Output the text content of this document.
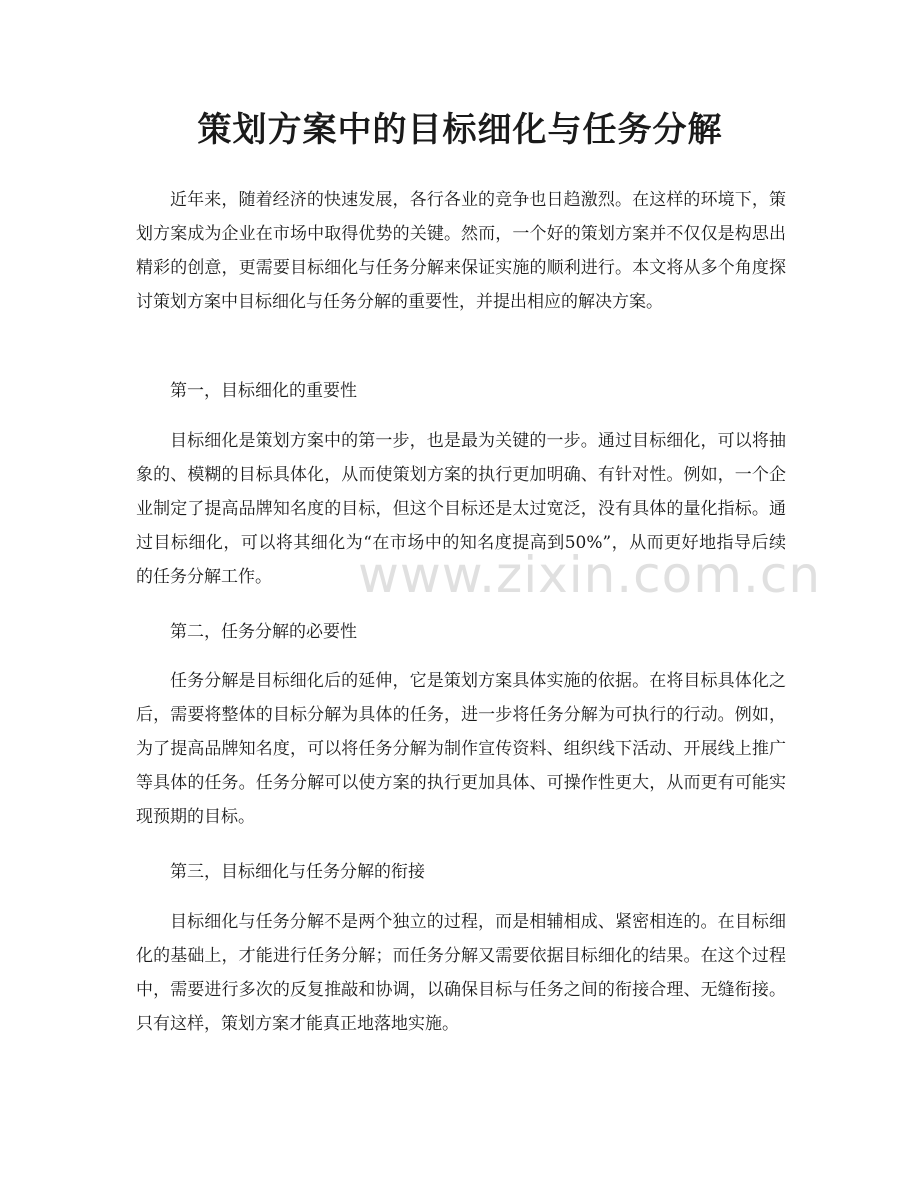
策划方案中的目标细化与任务分解

近年来，随着经济的快速发展，各行各业的竞争也日趋激烈。在这样的环境下，策划方案成为企业在市场中取得优势的关键。然而，一个好的策划方案并不仅仅是构思出精彩的创意，更需要目标细化与任务分解来保证实施的顺利进行。本文将从多个角度探讨策划方案中目标细化与任务分解的重要性，并提出相应的解决方案。

第一，目标细化的重要性

目标细化是策划方案中的第一步，也是最为关键的一步。通过目标细化，可以将抽象的、模糊的目标具体化，从而使策划方案的执行更加明确、有针对性。例如，一个企业制定了提高品牌知名度的目标，但这个目标还是太过宽泛，没有具体的量化指标。通过目标细化，可以将其细化为“在市场中的知名度提高到50%”，从而更好地指导后续的任务分解工作。

第二，任务分解的必要性

任务分解是目标细化后的延伸，它是策划方案具体实施的依据。在将目标具体化之后，需要将整体的目标分解为具体的任务，进一步将任务分解为可执行的行动。例如，为了提高品牌知名度，可以将任务分解为制作宣传资料、组织线下活动、开展线上推广等具体的任务。任务分解可以使方案的执行更加具体、可操作性更大，从而更有可能实现预期的目标。

第三，目标细化与任务分解的衔接

目标细化与任务分解不是两个独立的过程，而是相辅相成、紧密相连的。在目标细化的基础上，才能进行任务分解；而任务分解又需要依据目标细化的结果。在这个过程中，需要进行多次的反复推敲和协调，以确保目标与任务之间的衔接合理、无缝衔接。只有这样，策划方案才能真正地落地实施。

www.zixin.com.cn
